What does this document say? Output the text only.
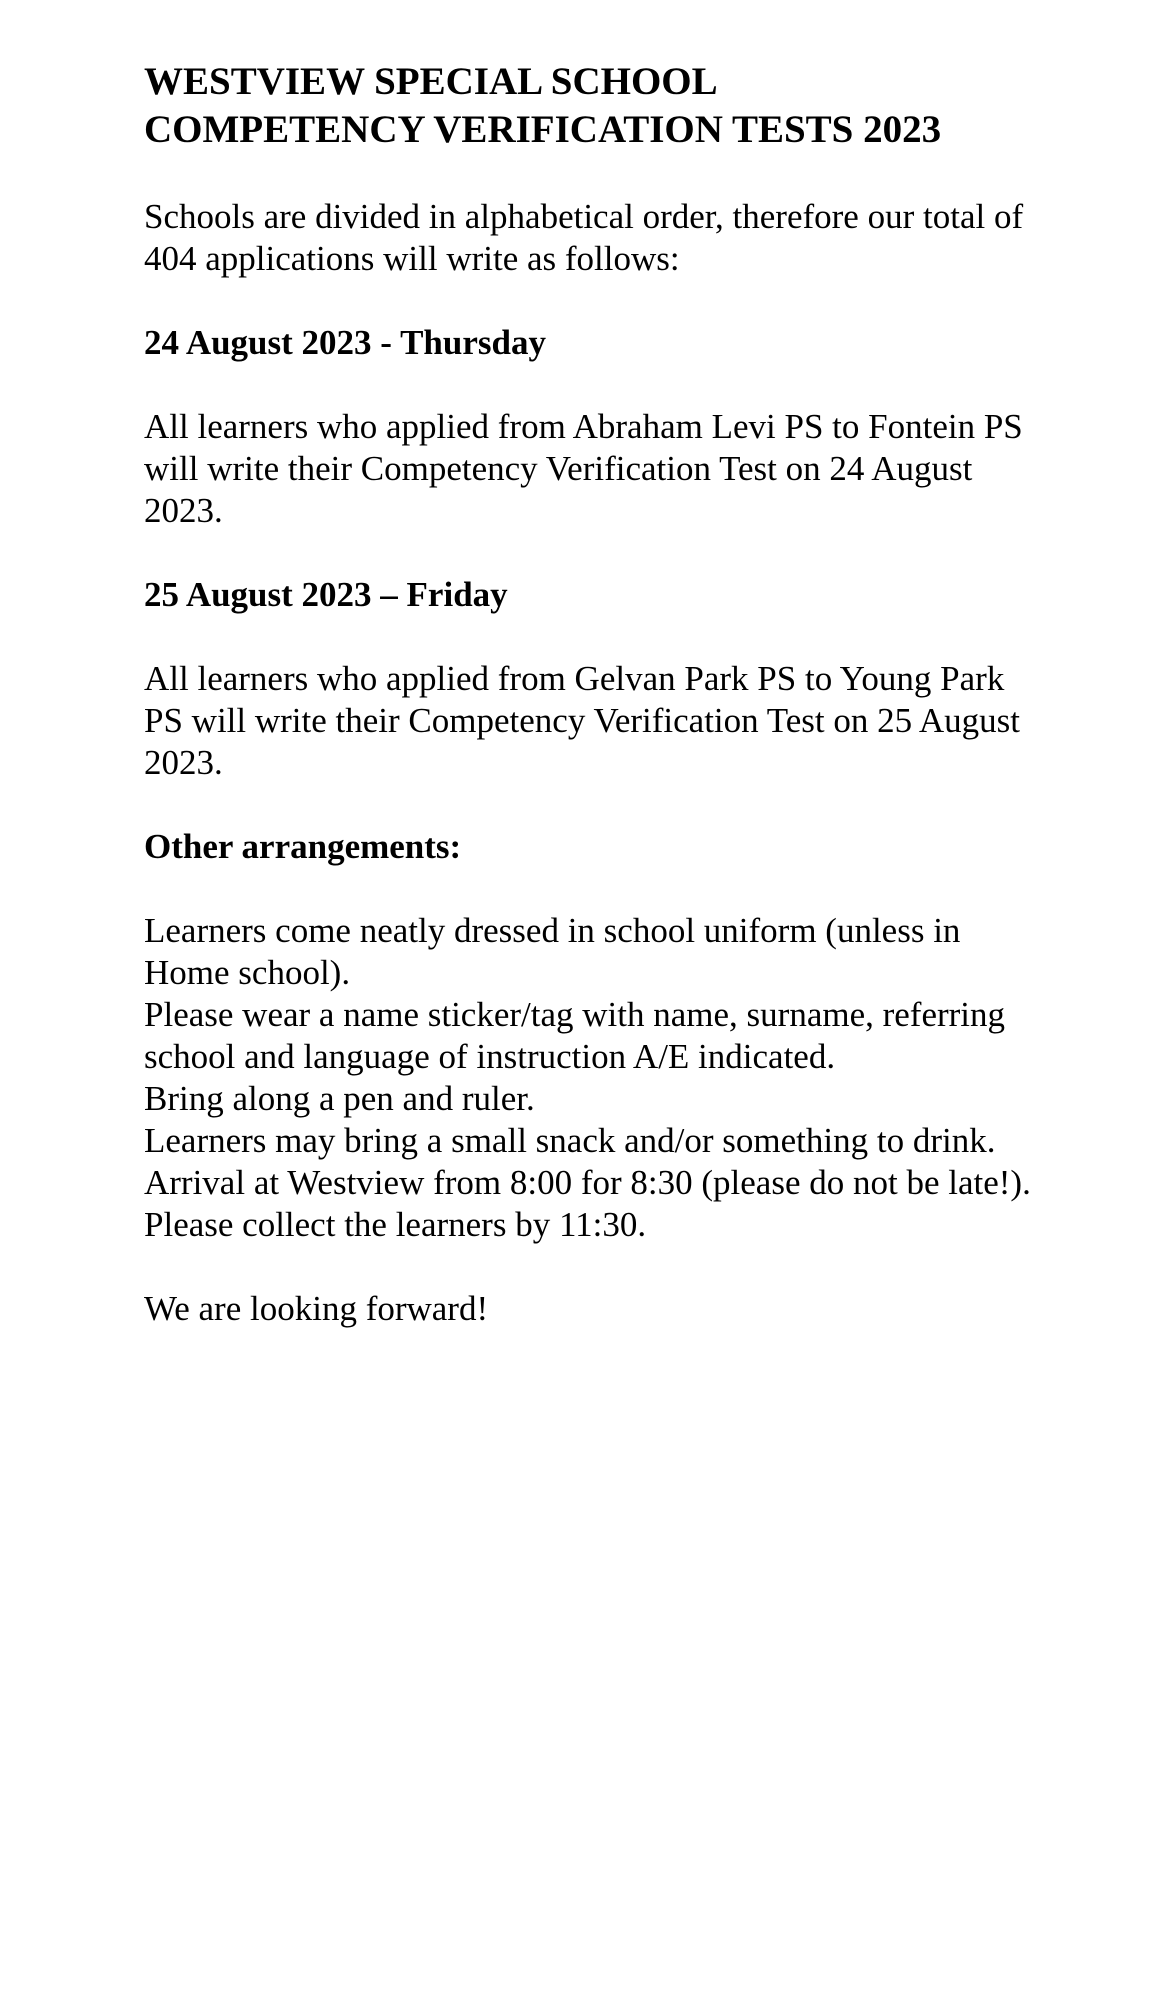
WESTVIEW SPECIAL SCHOOL
COMPETENCY VERIFICATION TESTS 2023

Schools are divided in alphabetical order, therefore our total of 404 applications will write as follows:

24 August 2023 - Thursday

All learners who applied from Abraham Levi PS to Fontein PS will write their Competency Verification Test on 24 August 2023.

25 August 2023 – Friday

All learners who applied from Gelvan Park PS to Young Park PS will write their Competency Verification Test on 25 August 2023.

Other arrangements:

Learners come neatly dressed in school uniform (unless in Home school).

Please wear a name sticker/tag with name, surname, referring school and language of instruction A/E indicated.

Bring along a pen and ruler.

Learners may bring a small snack and/or something to drink.

Arrival at Westview from 8:00 for 8:30 (please do not be late!).

Please collect the learners by 11:30.

We are looking forward!
